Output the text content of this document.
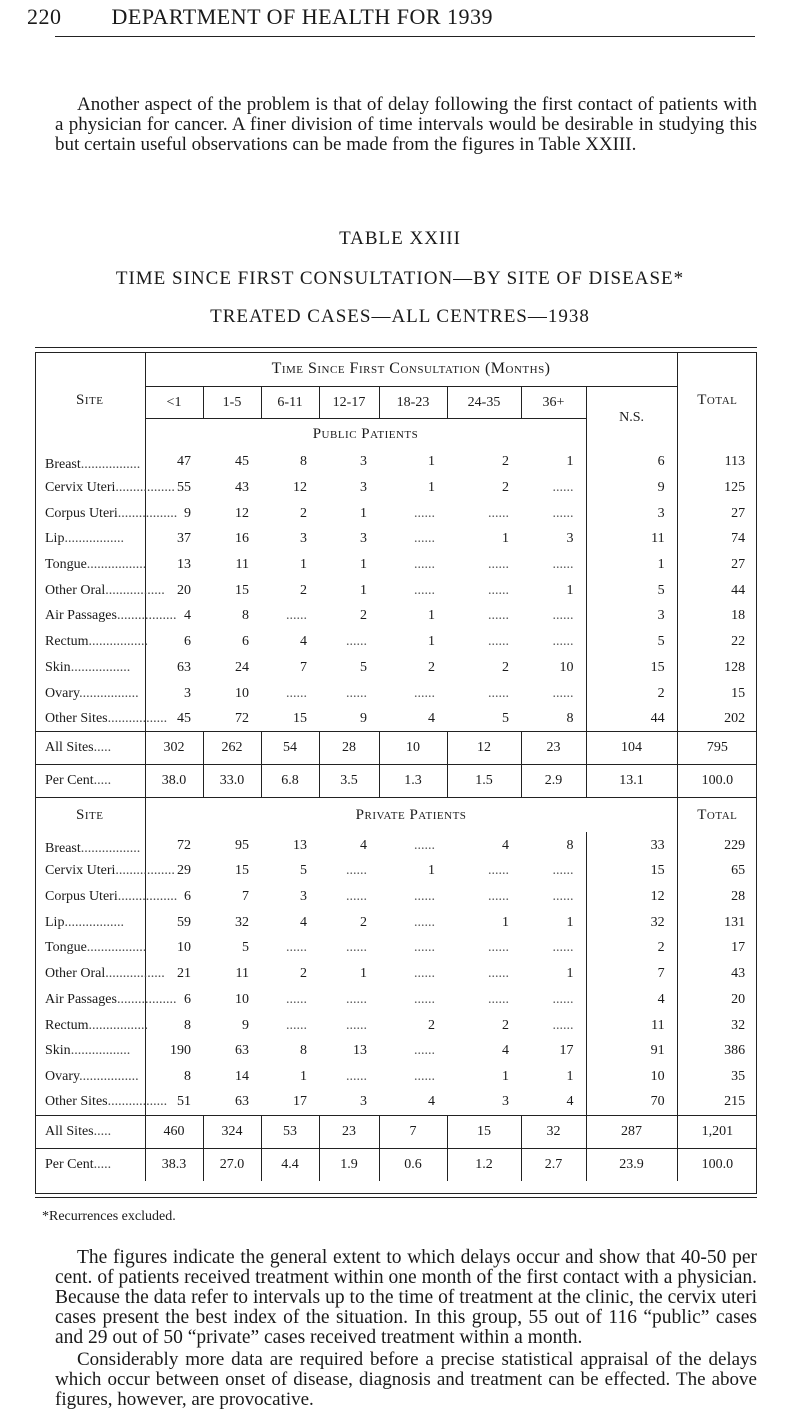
220 DEPARTMENT OF HEALTH FOR 1939

Another aspect of the problem is that of delay following the first contact of patients with a physician for cancer. A finer division of time intervals would be desirable in studying this but certain useful observations can be made from the figures in Table XXIII.

TABLE XXIII
TIME SINCE FIRST CONSULTATION—BY SITE OF DISEASE*
TREATED CASES—ALL CENTRES—1938
Site	Time Since First Consultation (Months)								Total
	<1	1-5	6-11	12-17	18-23	24-35	36+	N.S.	
	Public Patients								
Breast.................	47	45	8	3	1	2	1	6	113
Cervix Uteri.................	55	43	12	3	1	2	......	9	125
Corpus Uteri.................	9	12	2	1	......	......	......	3	27
Lip.................	37	16	3	3	......	1	3	11	74
Tongue.................	13	11	1	1	......	......	......	1	27
Other Oral.................	20	15	2	1	......	......	1	5	44
Air Passages.................	4	8	......	2	1	......	......	3	18
Rectum.................	6	6	4	......	1	......	......	5	22
Skin.................	63	24	7	5	2	2	10	15	128
Ovary.................	3	10	......	......	......	......	......	2	15
Other Sites.................	45	72	15	9	4	5	8	44	202
All Sites.....	302	262	54	28	10	12	23	104	795
Per Cent.....	38.0	33.0	6.8	3.5	1.3	1.5	2.9	13.1	100.0
Site	Private Patients								Total
Breast.................	72	95	13	4	......	4	8	33	229
Cervix Uteri.................	29	15	5	......	1	......	......	15	65
Corpus Uteri.................	6	7	3	......	......	......	......	12	28
Lip.................	59	32	4	2	......	1	1	32	131
Tongue.................	10	5	......	......	......	......	......	2	17
Other Oral.................	21	11	2	1	......	......	1	7	43
Air Passages.................	6	10	......	......	......	......	......	4	20
Rectum.................	8	9	......	......	2	2	......	11	32
Skin.................	190	63	8	13	......	4	17	91	386
Ovary.................	8	14	1	......	......	1	1	10	35
Other Sites.................	51	63	17	3	4	3	4	70	215
All Sites.....	460	324	53	23	7	15	32	287	1,201
Per Cent.....	38.3	27.0	4.4	1.9	0.6	1.2	2.7	23.9	100.0
*Recurrences excluded.

The figures indicate the general extent to which delays occur and show that 40-50 per cent. of patients received treatment within one month of the first contact with a physician. Because the data refer to intervals up to the time of treatment at the clinic, the cervix uteri cases present the best index of the situation. In this group, 55 out of 116 “public” cases and 29 out of 50 “private” cases received treatment within a month.

Considerably more data are required before a precise statistical appraisal of the delays which occur between onset of disease, diagnosis and treatment can be effected. The above figures, however, are provocative.
